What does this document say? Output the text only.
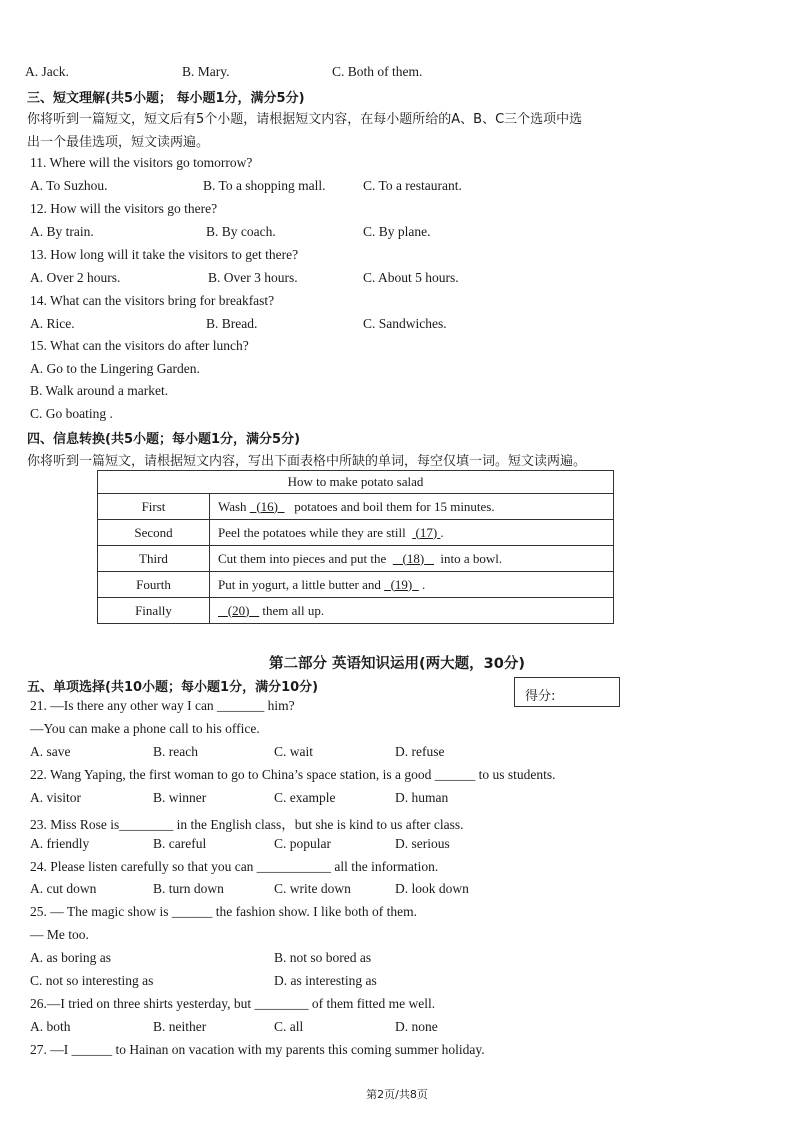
A. Jack.	B. Mary.	C. Both of them.
三、短文理解(共5小题； 每小题1分，满分5分)
你将听到一篇短文，短文后有5个小题，请根据短文内容，在每小题所给的A、B、C三个选项中选
出一个最佳选项，短文读两遍。
11. Where will the visitors go tomorrow?
A. To Suzhou.	B. To a shopping mall.	C. To a restaurant.
12. How will the visitors go there?
A. By train.	B. By coach.	C. By plane.
13. How long will it take the visitors to get there?
A. Over 2 hours.	B. Over 3 hours.	C. About 5 hours.
14. What can the visitors bring for breakfast?
A. Rice.	B. Bread.	C. Sandwiches.
15. What can the visitors do after lunch?
A. Go to the Lingering Garden.
B. Walk around a market.
C. Go boating .
四、信息转换(共5小题；每小题1分，满分5分)
你将听到一篇短文，请根据短文内容，写出下面表格中所缺的单词，每空仅填一词。短文读两遍。
How to make potato salad	
First	Wash (16) potatoes and boil them for 15 minutes.
Second	Peel the potatoes while they are still (17) .
Third	Cut them into pieces and put the (18) into a bowl.
Fourth	Put in yogurt, a little butter and (19) .
Finally	(20) them all up.
第二部分 英语知识运用(两大题，30分)
五、单项选择(共10小题；每小题1分，满分10分)
得分:
21. —Is there any other way I can _______ him?
—You can make a phone call to his office.
A. save	B. reach	C. wait	D. refuse
22. Wang Yaping, the first woman to go to China’s space station, is a good ______ to us students.
A. visitor	B. winner	C. example	D. human
23. Miss Rose is________ in the English class，but she is kind to us after class.
A. friendly	B. careful	C. popular	D. serious
24. Please listen carefully so that you can ___________ all the information.
A. cut down	B. turn down	C. write down	D. look down
25. — The magic show is ______ the fashion show. I like both of them.
— Me too.
A. as boring as	B. not so bored as
C. not so interesting as	D. as interesting as
26.—I tried on three shirts yesterday, but ________ of them fitted me well.
A. both	B. neither	C. all	D. none
27. —I ______ to Hainan on vacation with my parents this coming summer holiday.
第2页/共8页
